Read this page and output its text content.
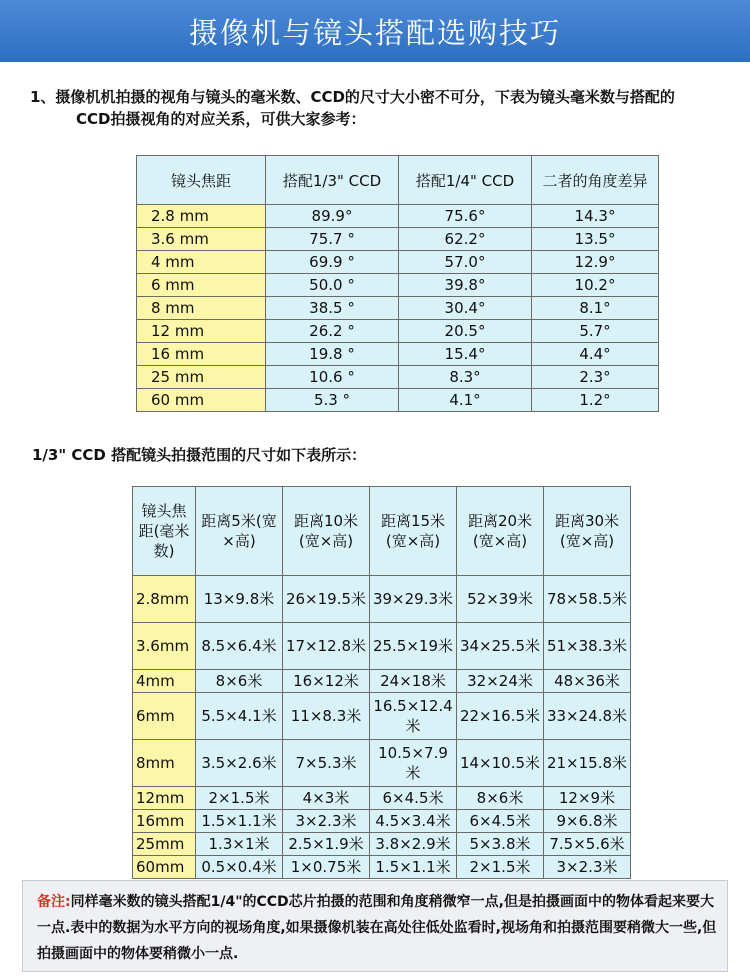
摄像机与镜头搭配选购技巧
1、摄像机机拍摄的视角与镜头的毫米数、CCD的尺寸大小密不可分，下表为镜头毫米数与搭配的
CCD拍摄视角的对应关系，可供大家参考：
镜头焦距	搭配1/3" CCD	搭配1/4" CCD	二者的角度差异
2.8 mm	89.9°	75.6°	14.3°
3.6 mm	75.7 °	62.2°	13.5°
4 mm	69.9 °	57.0°	12.9°
6 mm	50.0 °	39.8°	10.2°
8 mm	38.5 °	30.4°	8.1°
12 mm	26.2 °	20.5°	5.7°
16 mm	19.8 °	15.4°	4.4°
25 mm	10.6 °	8.3°	2.3°
60 mm	5.3 °	4.1°	1.2°
1/3" CCD 搭配镜头拍摄范围的尺寸如下表所示：
镜头焦距(毫米数)	距离5米(宽×高)	距离10米(宽×高)	距离15米(宽×高)	距离20米(宽×高)	距离30米(宽×高)
2.8mm	13×9.8米	26×19.5米	39×29.3米	52×39米	78×58.5米
3.6mm	8.5×6.4米	17×12.8米	25.5×19米	34×25.5米	51×38.3米
4mm	8×6米	16×12米	24×18米	32×24米	48×36米
6mm	5.5×4.1米	11×8.3米	16.5×12.4米	22×16.5米	33×24.8米
8mm	3.5×2.6米	7×5.3米	10.5×7.9米	14×10.5米	21×15.8米
12mm	2×1.5米	4×3米	6×4.5米	8×6米	12×9米
16mm	1.5×1.1米	3×2.3米	4.5×3.4米	6×4.5米	9×6.8米
25mm	1.3×1米	2.5×1.9米	3.8×2.9米	5×3.8米	7.5×5.6米
60mm	0.5×0.4米	1×0.75米	1.5×1.1米	2×1.5米	3×2.3米
备注:同样毫米数的镜头搭配1/4"的CCD芯片拍摄的范围和角度稍微窄一点,但是拍摄画面中的物体看起来要大一点.表中的数据为水平方向的视场角度,如果摄像机装在高处往低处监看时,视场角和拍摄范围要稍微大一些,但拍摄画面中的物体要稍微小一点.
